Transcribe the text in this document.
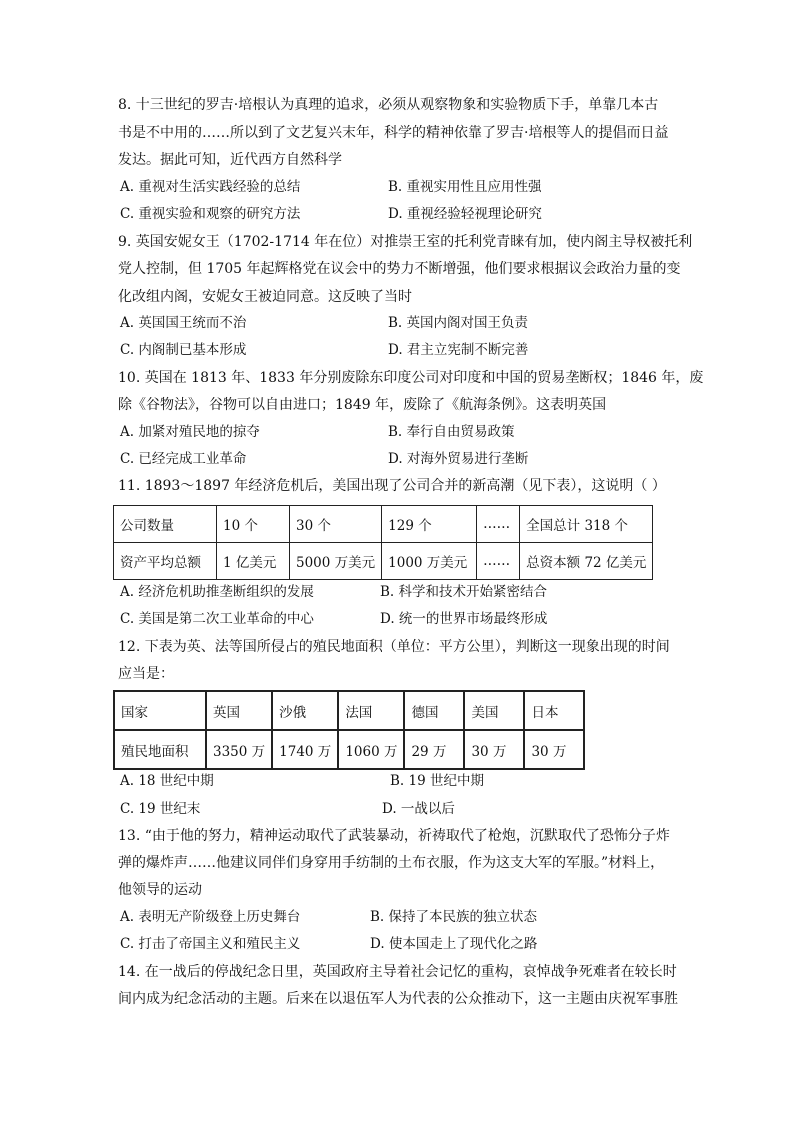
8. 十三世纪的罗吉·培根认为真理的追求，必须从观察物象和实验物质下手，单靠几本古
书是不中用的……所以到了文艺复兴末年，科学的精神依靠了罗吉·培根等人的提倡而日益
发达。据此可知，近代西方自然科学
A. 重视对生活实践经验的总结	B. 重视实用性且应用性强
C. 重视实验和观察的研究方法	D. 重视经验轻视理论研究
9. 英国安妮女王（1702-1714 年在位）对推崇王室的托利党青睐有加，使内阁主导权被托利
党人控制，但 1705 年起辉格党在议会中的势力不断增强，他们要求根据议会政治力量的变
化改组内阁，安妮女王被迫同意。这反映了当时
A. 英国国王统而不治	B. 英国内阁对国王负责
C. 内阁制已基本形成	D. 君主立宪制不断完善
10. 英国在 1813 年、1833 年分别废除东印度公司对印度和中国的贸易垄断权；1846 年，废
除《谷物法》，谷物可以自由进口；1849 年，废除了《航海条例》。这表明英国
A. 加紧对殖民地的掠夺	B. 奉行自由贸易政策
C. 已经完成工业革命	D. 对海外贸易进行垄断
11. 1893～1897 年经济危机后，美国出现了公司合并的新高潮（见下表），这说明（ ）
公司数量	10 个	30 个	129 个	……	全国总计 318 个
资产平均总额	1 亿美元	5000 万美元	1000 万美元	……	总资本额 72 亿美元
A. 经济危机助推垄断组织的发展	B. 科学和技术开始紧密结合
C. 美国是第二次工业革命的中心	D. 统一的世界市场最终形成
12. 下表为英、法等国所侵占的殖民地面积（单位：平方公里），判断这一现象出现的时间
应当是：
国家	英国	沙俄	法国	德国	美国	日本
殖民地面积	3350 万	1740 万	1060 万	29 万	30 万	30 万
A. 18 世纪中期	B. 19 世纪中期
C. 19 世纪末	D. 一战以后
13. “由于他的努力，精神运动取代了武装暴动，祈祷取代了枪炮，沉默取代了恐怖分子炸
弹的爆炸声……他建议同伴们身穿用手纺制的土布衣服，作为这支大军的军服。”材料上，
他领导的运动
A. 表明无产阶级登上历史舞台	B. 保持了本民族的独立状态
C. 打击了帝国主义和殖民主义	D. 使本国走上了现代化之路
14. 在一战后的停战纪念日里，英国政府主导着社会记忆的重构，哀悼战争死难者在较长时
间内成为纪念活动的主题。后来在以退伍军人为代表的公众推动下，这一主题由庆祝军事胜
